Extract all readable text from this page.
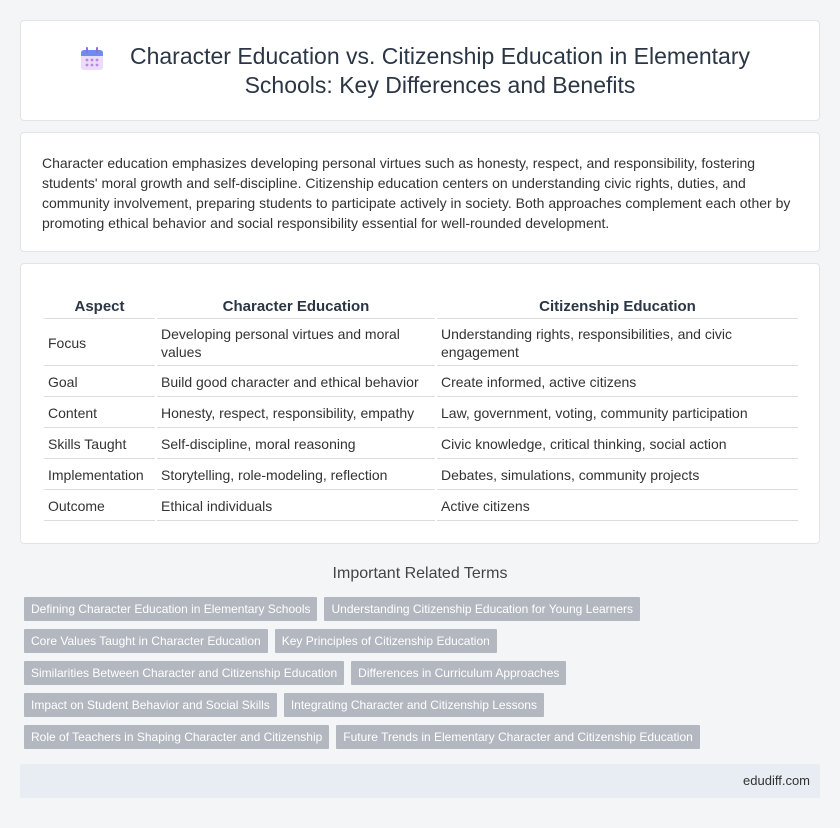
Character Education vs. Citizenship Education in Elementary Schools: Key Differences and Benefits

Character education emphasizes developing personal virtues such as honesty, respect, and responsibility, fostering students' moral growth and self-discipline. Citizenship education centers on understanding civic rights, duties, and community involvement, preparing students to participate actively in society. Both approaches complement each other by promoting ethical behavior and social responsibility essential for well-rounded development.

Aspect	Character Education	Citizenship Education
Focus	Developing personal virtues and moral values	Understanding rights, responsibilities, and civic engagement
Goal	Build good character and ethical behavior	Create informed, active citizens
Content	Honesty, respect, responsibility, empathy	Law, government, voting, community participation
Skills Taught	Self-discipline, moral reasoning	Civic knowledge, critical thinking, social action
Implementation	Storytelling, role-modeling, reflection	Debates, simulations, community projects
Outcome	Ethical individuals	Active citizens
Important Related Terms
Defining Character Education in Elementary Schools	Understanding Citizenship Education for Young Learners
Core Values Taught in Character Education	Key Principles of Citizenship Education
Similarities Between Character and Citizenship Education	Differences in Curriculum Approaches
Impact on Student Behavior and Social Skills	Integrating Character and Citizenship Lessons
Role of Teachers in Shaping Character and Citizenship	Future Trends in Elementary Character and Citizenship Education
edudiff.com
